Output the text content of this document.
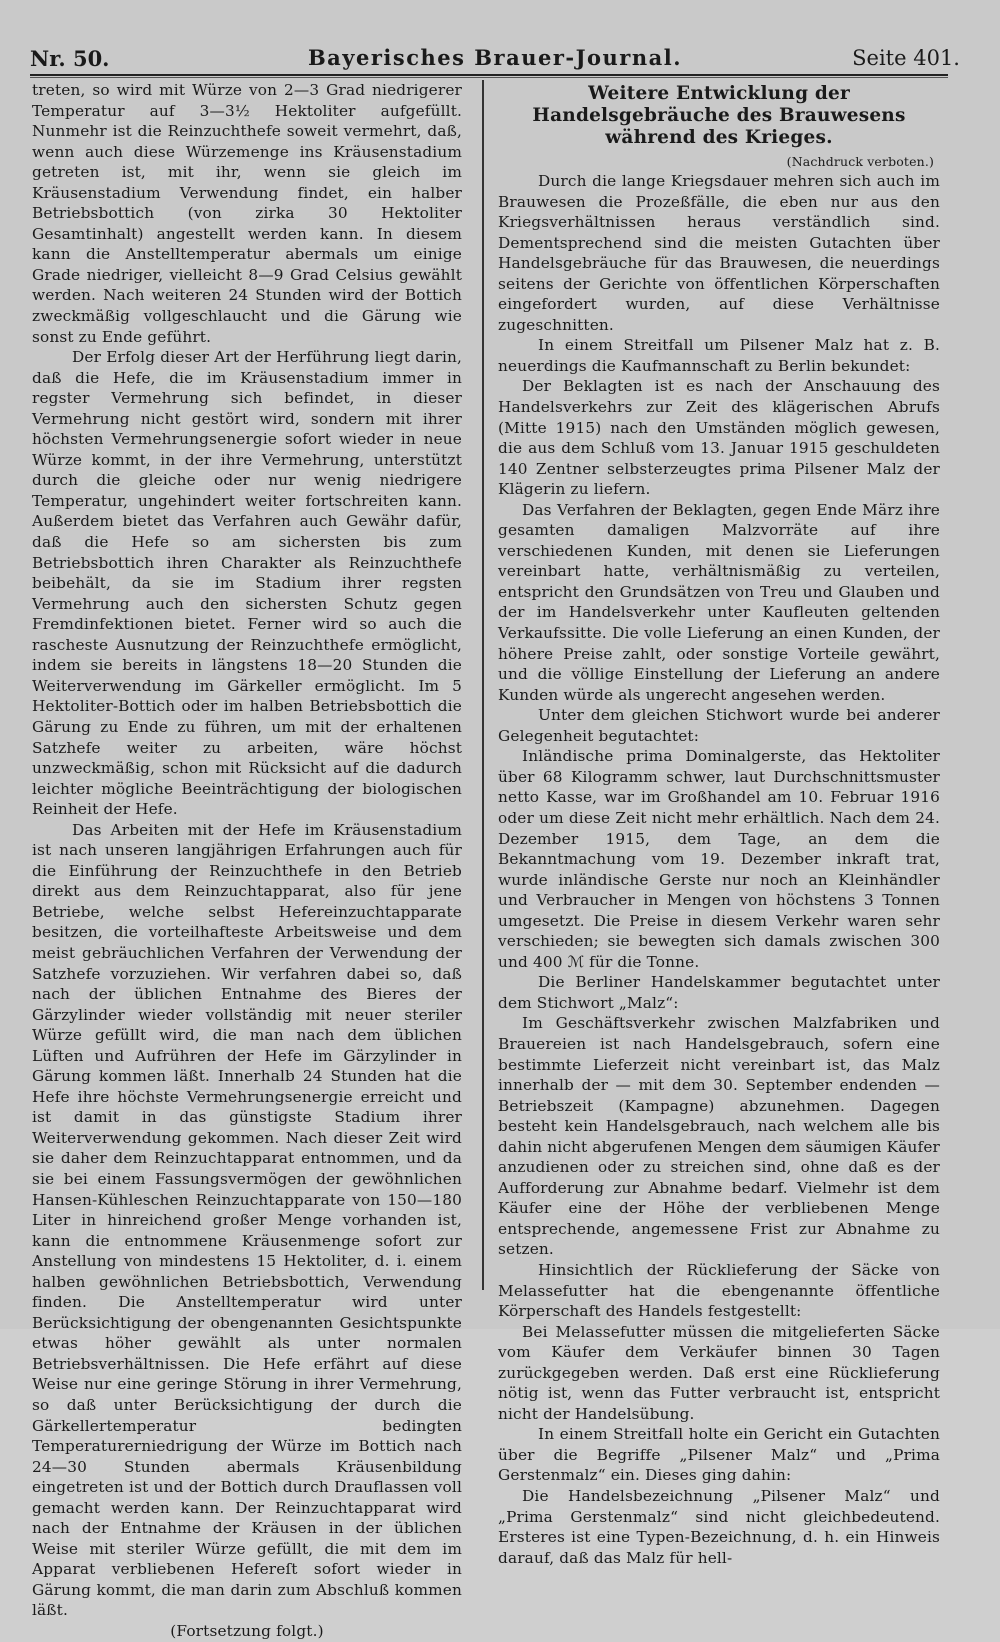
Nr. 50.	Bayerisches Brauer-Journal.	Seite 401.

treten, so wird mit Würze von 2—3 Grad niedrigerer Temperatur auf 3—3½ Hektoliter aufgefüllt. Nunmehr ist die Reinzuchthefe soweit vermehrt, daß, wenn auch diese Würzemenge ins Kräusenstadium getreten ist, mit ihr, wenn sie gleich im Kräusenstadium Verwendung findet, ein halber Betriebsbottich (von zirka 30 Hektoliter Gesamtinhalt) angestellt werden kann. In diesem kann die Anstelltemperatur abermals um einige Grade niedriger, vielleicht 8—9 Grad Celsius gewählt werden. Nach weiteren 24 Stunden wird der Bottich zweckmäßig vollgeschlaucht und die Gärung wie sonst zu Ende geführt.

Der Erfolg dieser Art der Herführung liegt darin, daß die Hefe, die im Kräusenstadium immer in regster Vermehrung sich befindet, in dieser Vermehrung nicht gestört wird, sondern mit ihrer höchsten Vermehrungsenergie sofort wieder in neue Würze kommt, in der ihre Vermehrung, unterstützt durch die gleiche oder nur wenig niedrigere Temperatur, ungehindert weiter fortschreiten kann. Außerdem bietet das Verfahren auch Gewähr dafür, daß die Hefe so am sichersten bis zum Betriebsbottich ihren Charakter als Reinzuchthefe beibehält, da sie im Stadium ihrer regsten Vermehrung auch den sichersten Schutz gegen Fremdinfektionen bietet. Ferner wird so auch die rascheste Ausnutzung der Reinzuchthefe ermöglicht, indem sie bereits in längstens 18—20 Stunden die Weiterverwendung im Gärkeller ermöglicht. Im 5 Hektoliter-Bottich oder im halben Betriebsbottich die Gärung zu Ende zu führen, um mit der erhaltenen Satzhefe weiter zu arbeiten, wäre höchst unzweckmäßig, schon mit Rücksicht auf die dadurch leichter mögliche Beeinträchtigung der biologischen Reinheit der Hefe.

Das Arbeiten mit der Hefe im Kräusenstadium ist nach unseren langjährigen Erfahrungen auch für die Einführung der Reinzuchthefe in den Betrieb direkt aus dem Reinzuchtapparat, also für jene Betriebe, welche selbst Hefereinzuchtapparate besitzen, die vorteilhafteste Arbeitsweise und dem meist gebräuchlichen Verfahren der Verwendung der Satzhefe vorzuziehen. Wir verfahren dabei so, daß nach der üblichen Entnahme des Bieres der Gärzylinder wieder vollständig mit neuer steriler Würze gefüllt wird, die man nach dem üblichen Lüften und Aufrühren der Hefe im Gärzylinder in Gärung kommen läßt. Innerhalb 24 Stunden hat die Hefe ihre höchste Vermehrungsenergie erreicht und ist damit in das günstigste Stadium ihrer Weiterverwendung gekommen. Nach dieser Zeit wird sie daher dem Reinzuchtapparat entnommen, und da sie bei einem Fassungsvermögen der gewöhnlichen Hansen-Kühleschen Reinzuchtapparate von 150—180 Liter in hinreichend großer Menge vorhanden ist, kann die entnommene Kräusenmenge sofort zur Anstellung von mindestens 15 Hektoliter, d. i. einem halben gewöhnlichen Betriebsbottich, Verwendung finden. Die Anstelltemperatur wird unter Berücksichtigung der obengenannten Gesichtspunkte etwas höher gewählt als unter normalen Betriebsverhältnissen. Die Hefe erfährt auf diese Weise nur eine geringe Störung in ihrer Vermehrung, so daß unter Berücksichtigung der durch die Gärkellertemperatur bedingten Temperaturerniedrigung der Würze im Bottich nach 24—30 Stunden abermals Kräusenbildung eingetreten ist und der Bottich durch Drauflassen voll gemacht werden kann. Der Reinzuchtapparat wird nach der Entnahme der Kräusen in der üblichen Weise mit steriler Würze gefüllt, die mit dem im Apparat verbliebenen Hefereſt sofort wieder in Gärung kommt, die man darin zum Abschluß kommen läßt.

(Fortsetzung folgt.)

Weitere Entwicklung der Handelsgebräuche des Brauwesens während des Krieges.
(Nachdruck verboten.)

Durch die lange Kriegsdauer mehren sich auch im Brauwesen die Prozeßfälle, die eben nur aus den Kriegsverhältnissen heraus verständlich sind. Dementsprechend sind die meisten Gutachten über Handelsgebräuche für das Brauwesen, die neuerdings seitens der Gerichte von öffentlichen Körperschaften eingefordert wurden, auf diese Verhältnisse zugeschnitten.

In einem Streitfall um Pilsener Malz hat z. B. neuerdings die Kaufmannschaft zu Berlin bekundet:

Der Beklagten ist es nach der Anschauung des Handelsverkehrs zur Zeit des klägerischen Abrufs (Mitte 1915) nach den Umständen möglich gewesen, die aus dem Schluß vom 13. Januar 1915 geschuldeten 140 Zentner selbsterzeugtes prima Pilsener Malz der Klägerin zu liefern.

Das Verfahren der Beklagten, gegen Ende März ihre gesamten damaligen Malzvorräte auf ihre verschiedenen Kunden, mit denen sie Lieferungen vereinbart hatte, verhältnismäßig zu verteilen, entspricht den Grundsätzen von Treu und Glauben und der im Handelsverkehr unter Kaufleuten geltenden Verkaufssitte. Die volle Lieferung an einen Kunden, der höhere Preise zahlt, oder sonstige Vorteile gewährt, und die völlige Einstellung der Lieferung an andere Kunden würde als ungerecht angesehen werden.

Unter dem gleichen Stichwort wurde bei anderer Gelegenheit begutachtet:

Inländische prima Dominalgerste, das Hektoliter über 68 Kilogramm schwer, laut Durchschnittsmuster netto Kasse, war im Großhandel am 10. Februar 1916 oder um diese Zeit nicht mehr erhältlich. Nach dem 24. Dezember 1915, dem Tage, an dem die Bekanntmachung vom 19. Dezember inkraft trat, wurde inländische Gerste nur noch an Kleinhändler und Verbraucher in Mengen von höchstens 3 Tonnen umgesetzt. Die Preise in diesem Verkehr waren sehr verschieden; sie bewegten sich damals zwischen 300 und 400 ℳ für die Tonne.

Die Berliner Handelskammer begutachtet unter dem Stichwort „Malz“:

Im Geschäftsverkehr zwischen Malzfabriken und Brauereien ist nach Handelsgebrauch, sofern eine bestimmte Lieferzeit nicht vereinbart ist, das Malz innerhalb der — mit dem 30. September endenden — Betriebszeit (Kampagne) abzunehmen. Dagegen besteht kein Handelsgebrauch, nach welchem alle bis dahin nicht abgerufenen Mengen dem säumigen Käufer anzudienen oder zu streichen sind, ohne daß es der Aufforderung zur Abnahme bedarf. Vielmehr ist dem Käufer eine der Höhe der verbliebenen Menge entsprechende, angemessene Frist zur Abnahme zu setzen.

Hinsichtlich der Rücklieferung der Säcke von Melassefutter hat die ebengenannte öffentliche Körperschaft des Handels festgestellt:

Bei Melassefutter müssen die mitgelieferten Säcke vom Käufer dem Verkäufer binnen 30 Tagen zurückgegeben werden. Daß erst eine Rücklieferung nötig ist, wenn das Futter verbraucht ist, entspricht nicht der Handelsübung.

In einem Streitfall holte ein Gericht ein Gutachten über die Begriffe „Pilsener Malz“ und „Prima Gerstenmalz“ ein. Dieses ging dahin:

Die Handelsbezeichnung „Pilsener Malz“ und „Prima Gerstenmalz“ sind nicht gleichbedeutend. Ersteres ist eine Typen-Bezeichnung, d. h. ein Hinweis darauf, daß das Malz für hell-
